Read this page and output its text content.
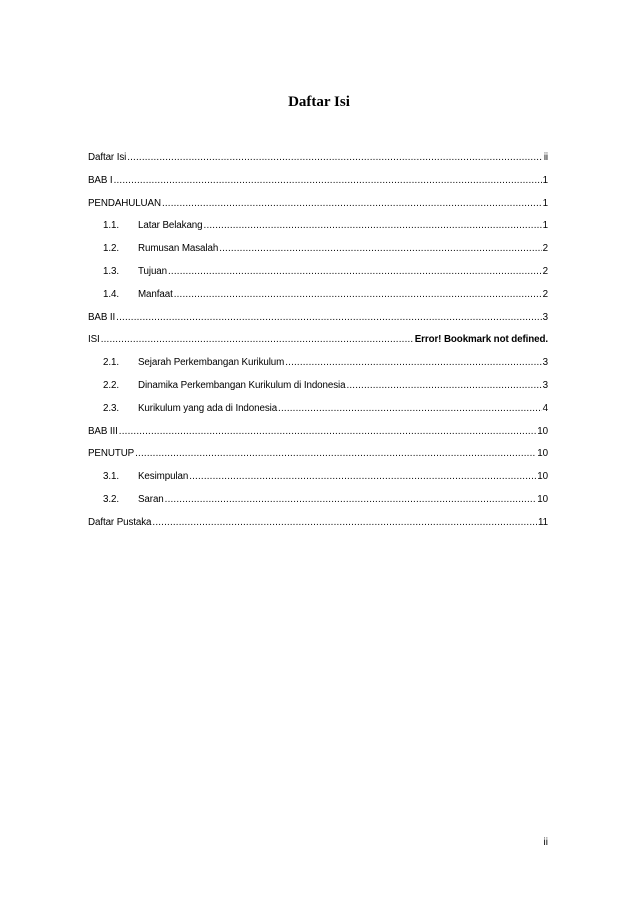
Daftar Isi
Daftar Isi .....	ii
BAB I .....	1
PENDAHULUAN .....	1
1.1.	Latar Belakang .....	1
1.2.	Rumusan Masalah .....	2
1.3.	Tujuan .....	2
1.4.	Manfaat .....	2
BAB II .....	3
ISI .....	Error! Bookmark not defined.
2.1.	Sejarah Perkembangan Kurikulum .....	3
2.2.	Dinamika Perkembangan Kurikulum di Indonesia .....	3
2.3.	Kurikulum yang ada di Indonesia .....	4
BAB III .....	10
PENUTUP .....	10
3.1.	Kesimpulan .....	10
3.2.	Saran .....	10
Daftar Pustaka .....	11
ii
